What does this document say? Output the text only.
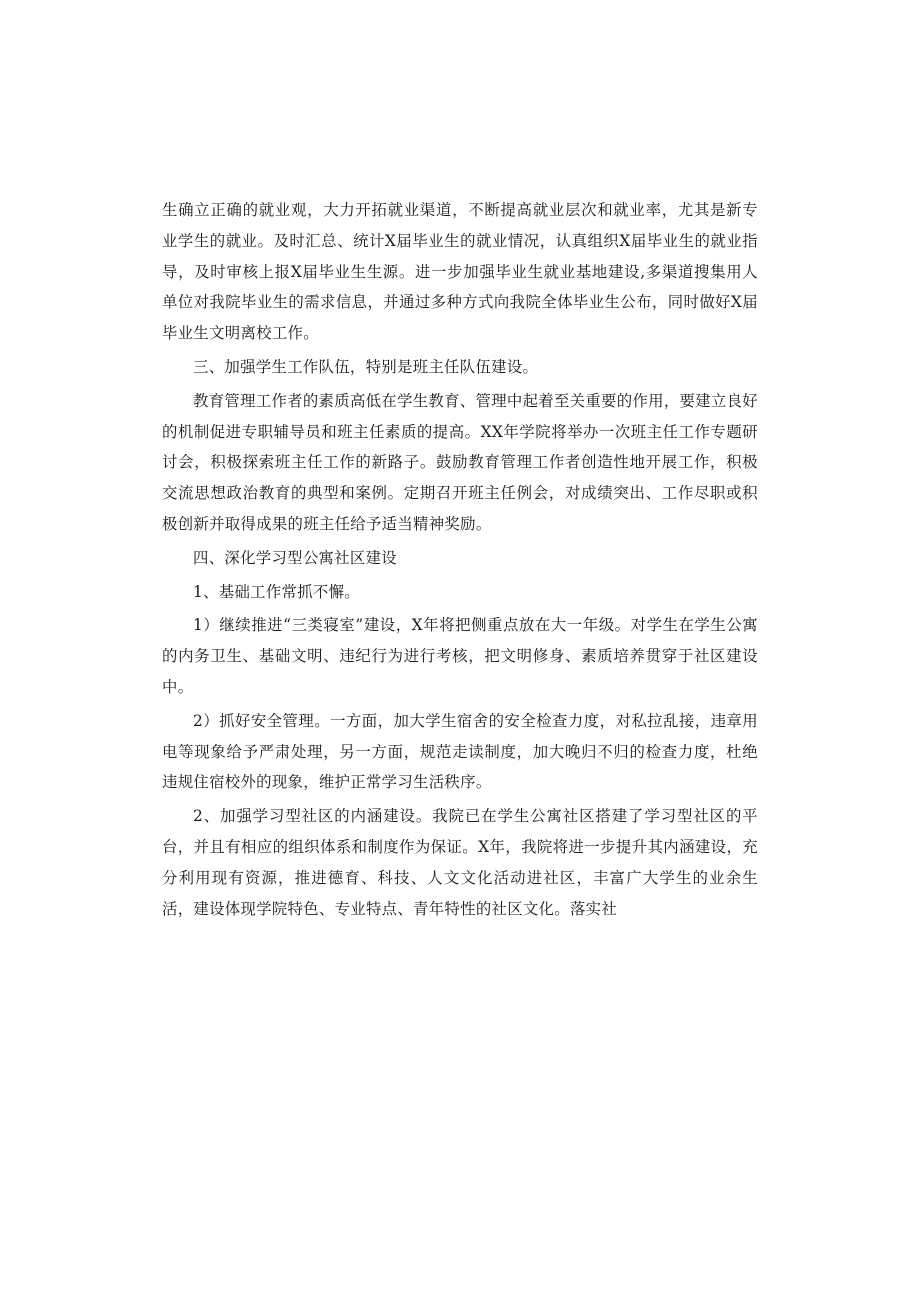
生确立正确的就业观，大力开拓就业渠道，不断提高就业层次和就业率，尤其是新专业学生的就业。及时汇总、统计X届毕业生的就业情况，认真组织X届毕业生的就业指导，及时审核上报X届毕业生生源。进一步加强毕业生就业基地建设,多渠道搜集用人单位对我院毕业生的需求信息，并通过多种方式向我院全体毕业生公布，同时做好X届毕业生文明离校工作。

三、加强学生工作队伍，特别是班主任队伍建设。

教育管理工作者的素质高低在学生教育、管理中起着至关重要的作用，要建立良好的机制促进专职辅导员和班主任素质的提高。XX年学院将举办一次班主任工作专题研讨会，积极探索班主任工作的新路子。鼓励教育管理工作者创造性地开展工作，积极交流思想政治教育的典型和案例。定期召开班主任例会，对成绩突出、工作尽职或积极创新并取得成果的班主任给予适当精神奖励。

四、深化学习型公寓社区建设

1、基础工作常抓不懈。

1）继续推进“三类寝室”建设，X年将把侧重点放在大一年级。对学生在学生公寓的内务卫生、基础文明、违纪行为进行考核，把文明修身、素质培养贯穿于社区建设中。

2）抓好安全管理。一方面，加大学生宿舍的安全检查力度，对私拉乱接，违章用电等现象给予严肃处理，另一方面，规范走读制度，加大晚归不归的检查力度，杜绝违规住宿校外的现象，维护正常学习生活秩序。

2、加强学习型社区的内涵建设。我院已在学生公寓社区搭建了学习型社区的平台，并且有相应的组织体系和制度作为保证。X年，我院将进一步提升其内涵建设，充分利用现有资源，推进德育、科技、人文文化活动进社区，丰富广大学生的业余生活，建设体现学院特色、专业特点、青年特性的社区文化。落实社
